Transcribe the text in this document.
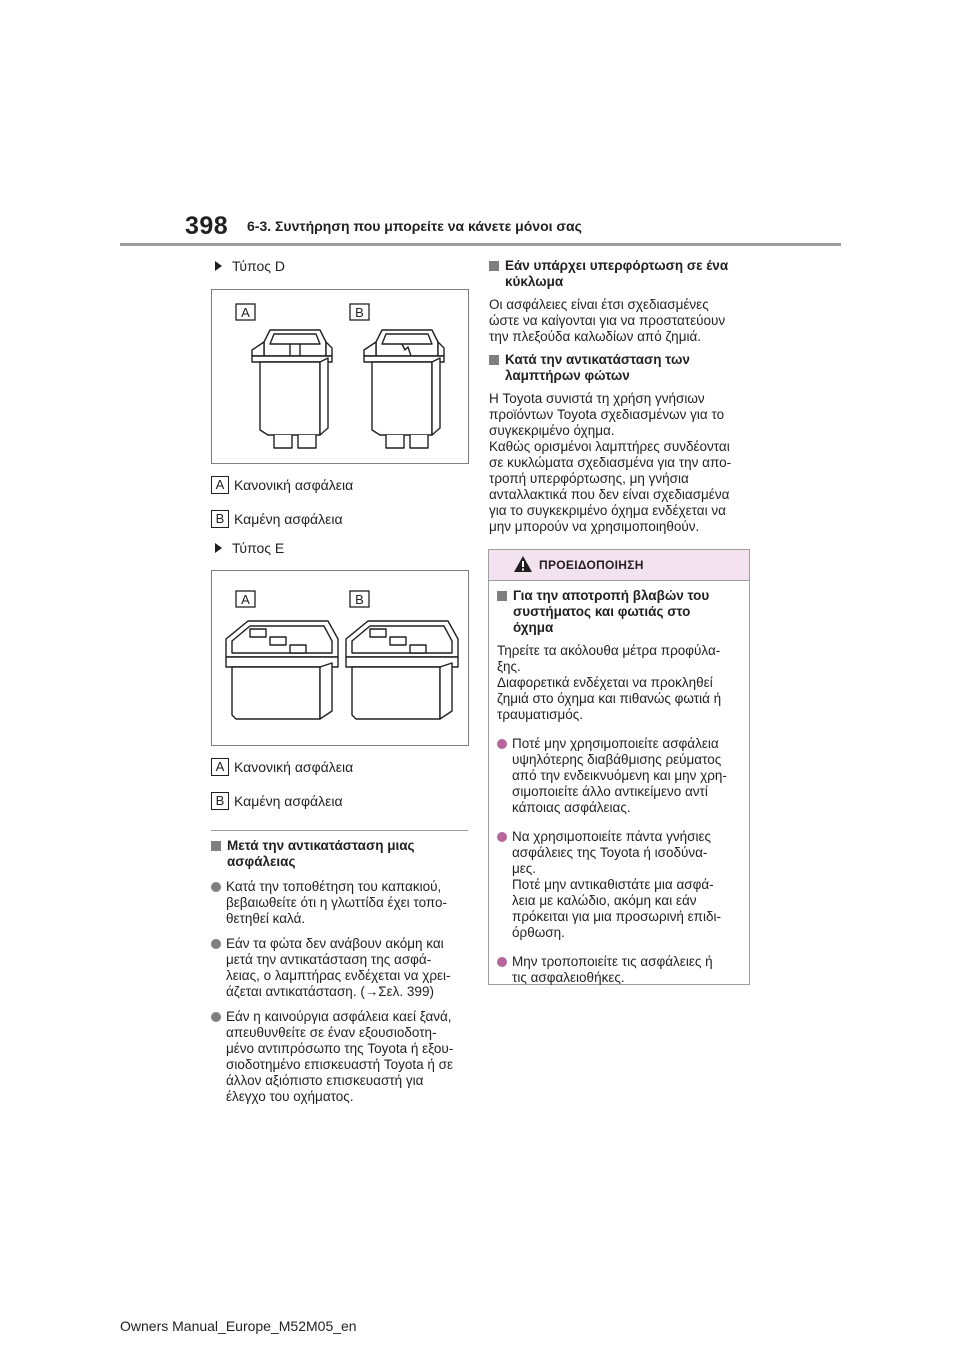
398 6-3. Συντήρηση που μπορείτε να κάνετε μόνοι σας
Τύπος D
A	B
A Κανονική ασφάλεια
B Καμένη ασφάλεια
Τύπος E
A	B
A Κανονική ασφάλεια
B Καμένη ασφάλεια
Μετά την αντικατάσταση μιας
ασφάλειας
Κατά την τοποθέτηση του καπακιού,
βεβαιωθείτε ότι η γλωττίδα έχει τοπο-
θετηθεί καλά.
Εάν τα φώτα δεν ανάβουν ακόμη και
μετά την αντικατάσταση της ασφά-
λειας, ο λαμπτήρας ενδέχεται να χρει-
άζεται αντικατάσταση. (→Σελ. 399)
Εάν η καινούργια ασφάλεια καεί ξανά,
απευθυνθείτε σε έναν εξουσιοδοτη-
μένο αντιπρόσωπο της Toyota ή εξου-
σιοδοτημένο επισκευαστή Toyota ή σε
άλλον αξιόπιστο επισκευαστή για
έλεγχο του οχήματος.
Εάν υπάρχει υπερφόρτωση σε ένα
κύκλωμα
Οι ασφάλειες είναι έτσι σχεδιασμένες
ώστε να καίγονται για να προστατεύουν
την πλεξούδα καλωδίων από ζημιά.
Κατά την αντικατάσταση των
λαμπτήρων φώτων
Η Toyota συνιστά τη χρήση γνήσιων
προϊόντων Toyota σχεδιασμένων για το
συγκεκριμένο όχημα.
Καθώς ορισμένοι λαμπτήρες συνδέονται
σε κυκλώματα σχεδιασμένα για την απο-
τροπή υπερφόρτωσης, μη γνήσια
ανταλλακτικά που δεν είναι σχεδιασμένα
για το συγκεκριμένο όχημα ενδέχεται να
μην μπορούν να χρησιμοποιηθούν.
ΠΡΟΕΙΔΟΠΟΙΗΣΗ
Για την αποτροπή βλαβών του
συστήματος και φωτιάς στο
όχημα
Τηρείτε τα ακόλουθα μέτρα προφύλα-
ξης.
Διαφορετικά ενδέχεται να προκληθεί
ζημιά στο όχημα και πιθανώς φωτιά ή
τραυματισμός.
Ποτέ μην χρησιμοποιείτε ασφάλεια
υψηλότερης διαβάθμισης ρεύματος
από την ενδεικνυόμενη και μην χρη-
σιμοποιείτε άλλο αντικείμενο αντί
κάποιας ασφάλειας.
Να χρησιμοποιείτε πάντα γνήσιες
ασφάλειες της Toyota ή ισοδύνα-
μες.
Ποτέ μην αντικαθιστάτε μια ασφά-
λεια με καλώδιο, ακόμη και εάν
πρόκειται για μια προσωρινή επιδι-
όρθωση.
Μην τροποποιείτε τις ασφάλειες ή
τις ασφαλειοθήκες.
Owners Manual_Europe_M52M05_en
